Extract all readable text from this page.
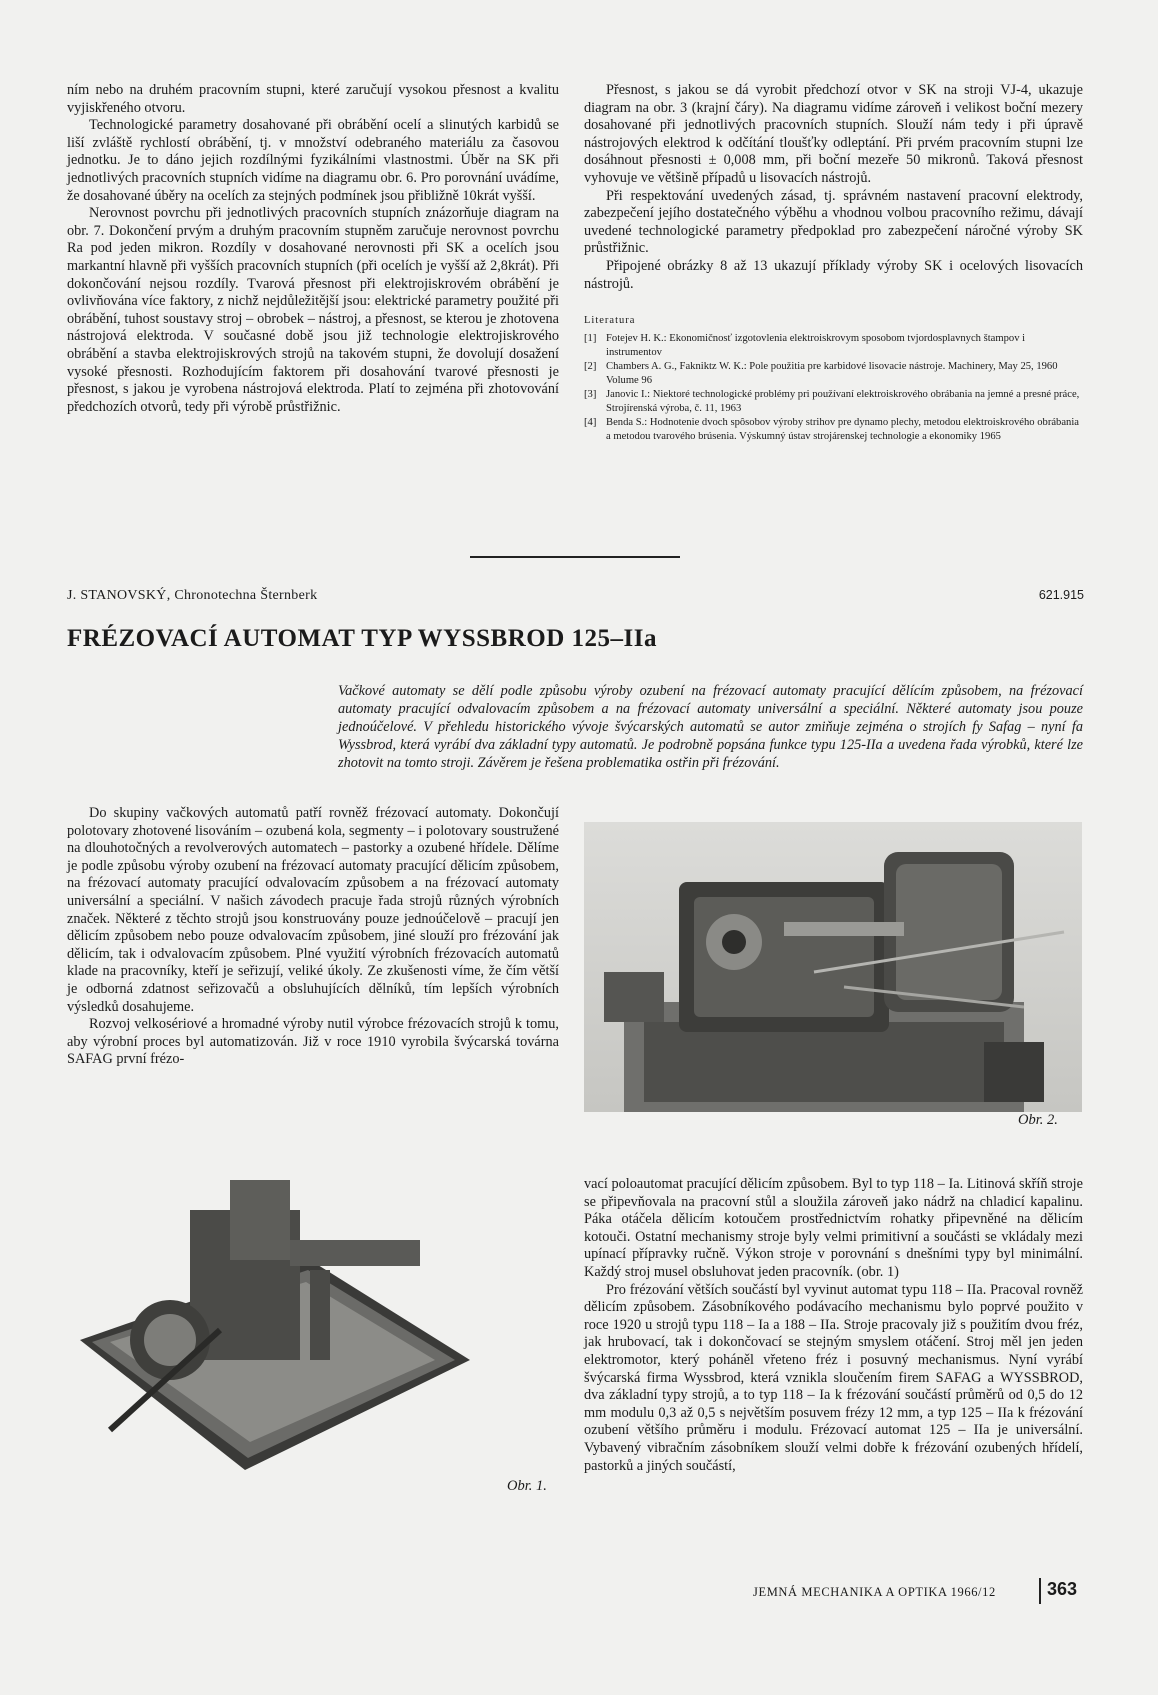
ním nebo na druhém pracovním stupni, které zaručují vysokou přesnost a kvalitu vyjiskřeného otvoru.

Technologické parametry dosahované při obrábění ocelí a slinutých karbidů se liší zvláště rychlostí obrábění, tj. v množství odebraného materiálu za časovou jednotku. Je to dáno jejich rozdílnými fyzikálními vlastnostmi. Úběr na SK při jednotlivých pracovních stupních vidíme na diagramu obr. 6. Pro porovnání uvádíme, že dosahované úběry na ocelích za stejných podmínek jsou přibližně 10krát vyšší.

Nerovnost povrchu při jednotlivých pracovních stupních znázorňuje diagram na obr. 7. Dokončení prvým a druhým pracovním stupněm zaručuje nerovnost povrchu Ra pod jeden mikron. Rozdíly v dosahované nerovnosti při SK a ocelích jsou markantní hlavně při vyšších pracovních stupních (při ocelích je vyšší až 2,8krát). Při dokončování nejsou rozdíly. Tvarová přesnost při elektrojiskrovém obrábění je ovlivňována více faktory, z nichž nejdůležitější jsou: elektrické parametry použité při obrábění, tuhost soustavy stroj – obrobek – nástroj, a přesnost, se kterou je zhotovena nástrojová elektroda. V současné době jsou již technologie elektrojiskrového obrábění a stavba elektrojiskrových strojů na takovém stupni, že dovolují dosažení vysoké přesnosti. Rozhodujícím faktorem při dosahování tvarové přesnosti je přesnost, s jakou je vyrobena nástrojová elektroda. Platí to zejména při zhotovování předchozích otvorů, tedy při výrobě průstřižnic.

Přesnost, s jakou se dá vyrobit předchozí otvor v SK na stroji VJ-4, ukazuje diagram na obr. 3 (krajní čáry). Na diagramu vidíme zároveň i velikost boční mezery dosahované při jednotlivých pracovních stupních. Slouží nám tedy i při úpravě nástrojových elektrod k odčítání tloušťky odleptání. Při prvém pracovním stupni lze dosáhnout přesnosti ± 0,008 mm, při boční mezeře 50 mikronů. Taková přesnost vyhovuje ve většině případů u lisovacích nástrojů.

Při respektování uvedených zásad, tj. správném nastavení pracovní elektrody, zabezpečení jejího dostatečného výběhu a vhodnou volbou pracovního režimu, dávají uvedené technologické parametry předpoklad pro zabezpečení náročné výroby SK průstřižnic.

Připojené obrázky 8 až 13 ukazují příklady výroby SK i ocelových lisovacích nástrojů.

Literatura
[1] Fotejev H. K.: Ekonomičnosť izgotovlenia elektroiskrovym sposobom tvjordosplavnych štampov i instrumentov
[2] Chambers A. G., Fakniktz W. K.: Pole použitia pre karbidové lisovacie nástroje. Machinery, May 25, 1960 Volume 96
[3] Janovic I.: Niektoré technologické problémy pri používaní elektroiskrového obrábania na jemné a presné práce, Strojírenská výroba, č. 11, 1963
[4] Benda S.: Hodnotenie dvoch spôsobov výroby strihov pre dynamo plechy, metodou elektroiskrového obrábania a metodou tvarového brúsenia. Výskumný ústav strojárenskej technologie a ekonomiky 1965
J. STANOVSKÝ, Chronotechna Šternberk	621.915
FRÉZOVACÍ AUTOMAT TYP WYSSBROD 125–IIa

Vačkové automaty se dělí podle způsobu výroby ozubení na frézovací automaty pracující dělícím způsobem, na frézovací automaty pracující odvalovacím způsobem a na frézovací automaty universální a speciální. Některé automaty jsou pouze jednoúčelové. V přehledu historického vývoje švýcarských automatů se autor zmiňuje zejména o strojích fy Safag – nyní fa Wyssbrod, která vyrábí dva základní typy automatů. Je podrobně popsána funkce typu 125-IIa a uvedena řada výrobků, které lze zhotovit na tomto stroji. Závěrem je řešena problematika ostřin při frézování.

Do skupiny vačkových automatů patří rovněž frézovací automaty. Dokončují polotovary zhotovené lisováním – ozubená kola, segmenty – i polotovary soustružené na dlouhotočných a revolverových automatech – pastorky a ozubené hřídele. Dělíme je podle způsobu výroby ozubení na frézovací automaty pracující dělicím způsobem, na frézovací automaty pracující odvalovacím způsobem a na frézovací automaty universální a speciální. V našich závodech pracuje řada strojů různých výrobních značek. Některé z těchto strojů jsou konstruovány pouze jednoúčelově – pracují jen dělicím způsobem nebo pouze odvalovacím způsobem, jiné slouží pro frézování jak dělicím, tak i odvalovacím způsobem. Plné využití výrobních frézovacích automatů klade na pracovníky, kteří je seřizují, veliké úkoly. Ze zkušenosti víme, že čím větší je odborná zdatnost seřizovačů a obsluhujících dělníků, tím lepších výrobních výsledků dosahujeme.

Rozvoj velkosériové a hromadné výroby nutil výrobce frézovacích strojů k tomu, aby výrobní proces byl automatizován. Již v roce 1910 vyrobila švýcarská továrna SAFAG první frézo-

Obr. 2.
Obr. 1.

vací poloautomat pracující dělicím způsobem. Byl to typ 118 – Ia. Litinová skříň stroje se připevňovala na pracovní stůl a sloužila zároveň jako nádrž na chladicí kapalinu. Páka otáčela dělicím kotoučem prostřednictvím rohatky připevněné na dělicím kotouči. Ostatní mechanismy stroje byly velmi primitivní a součásti se vkládaly mezi upínací přípravky ručně. Výkon stroje v porovnání s dnešními typy byl minimální. Každý stroj musel obsluhovat jeden pracovník. (obr. 1)

Pro frézování větších součástí byl vyvinut automat typu 118 – IIa. Pracoval rovněž dělicím způsobem. Zásobníkového podávacího mechanismu bylo poprvé použito v roce 1920 u strojů typu 118 – Ia a 188 – IIa. Stroje pracovaly již s použitím dvou fréz, jak hrubovací, tak i dokončovací se stejným smyslem otáčení. Stroj měl jen jeden elektromotor, který poháněl vřeteno fréz i posuvný mechanismus. Nyní vyrábí švýcarská firma Wyssbrod, která vznikla sloučením firem SAFAG a WYSSBROD, dva základní typy strojů, a to typ 118 – Ia k frézování součástí průměrů od 0,5 do 12 mm modulu 0,3 až 0,5 s největším posuvem frézy 12 mm, a typ 125 – IIa k frézování ozubení většího průměru i modulu. Frézovací automat 125 – IIa je universální. Vybavený vibračním zásobníkem slouží velmi dobře k frézování ozubených hřídelí, pastorků a jiných součástí,

JEMNÁ MECHANIKA A OPTIKA 1966/12	363
